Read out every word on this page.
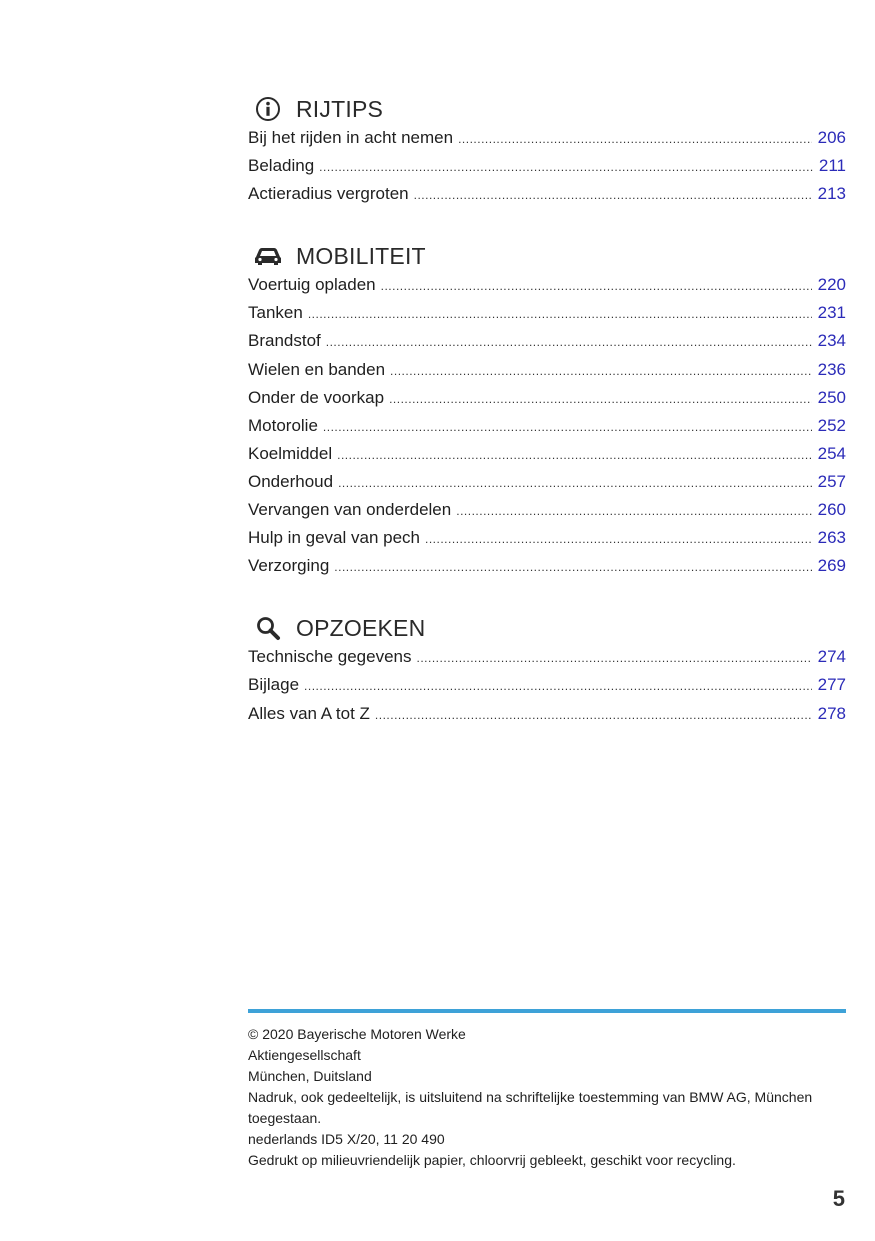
RIJTIPS
Bij het rijden in acht nemen .....	206
Belading .....	211
Actieradius vergroten .....	213
MOBILITEIT
Voertuig opladen .....	220
Tanken .....	231
Brandstof .....	234
Wielen en banden .....	236
Onder de voorkap .....	250
Motorolie .....	252
Koelmiddel .....	254
Onderhoud .....	257
Vervangen van onderdelen .....	260
Hulp in geval van pech .....	263
Verzorging .....	269
OPZOEKEN
Technische gegevens .....	274
Bijlage .....	277
Alles van A tot Z .....	278

© 2020 Bayerische Motoren Werke

Aktiengesellschaft

München, Duitsland

Nadruk, ook gedeeltelijk, is uitsluitend na schriftelijke toestemming van BMW AG, München toegestaan.

nederlands ID5 X/20, 11 20 490

Gedrukt op milieuvriendelijk papier, chloorvrij gebleekt, geschikt voor recycling.

5
